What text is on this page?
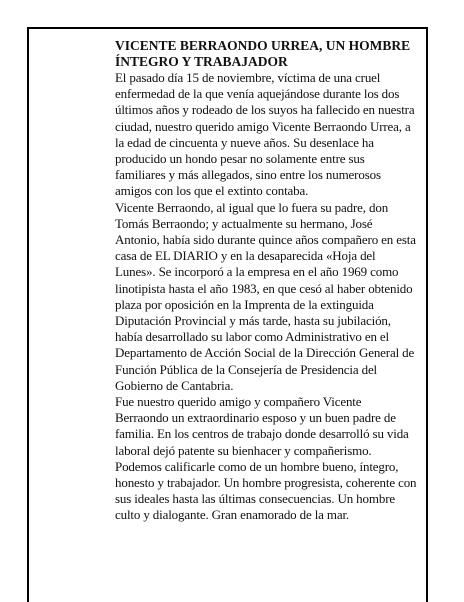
VICENTE BERRAONDO URREA, UN HOMBRE ÍNTEGRO Y TRABAJADOR

El pasado día 15 de noviembre, víctima de una cruel enfermedad de la que venía aquejándose durante los dos últimos años y rodeado de los suyos ha fallecido en nuestra ciudad, nuestro querido amigo Vicente Berraondo Urrea, a la edad de cincuenta y nueve años. Su desenlace ha producido un hondo pesar no solamente entre sus familiares y más allegados, sino entre los numerosos amigos con los que el extinto contaba.

Vicente Berraondo, al igual que lo fuera su padre, don Tomás Berraondo; y actualmente su hermano, José Antonio, había sido durante quince años compañero en esta casa de EL DIARIO y en la desaparecida «Hoja del Lunes». Se incorporó a la empresa en el año 1969 como linotipista hasta el año 1983, en que cesó al haber obtenido plaza por oposición en la Imprenta de la extinguida Diputación Provincial y más tarde, hasta su jubilación, había desarrollado su labor como Administrativo en el Departamento de Acción Social de la Dirección General de Función Pública de la Consejería de Presidencia del Gobierno de Cantabria.

Fue nuestro querido amigo y compañero Vicente Berraondo un extraordinario esposo y un buen padre de familia. En los centros de trabajo donde desarrolló su vida laboral dejó patente su bienhacer y compañerismo. Podemos calificarle como de un hombre bueno, íntegro, honesto y trabajador. Un hombre progresista, coherente con sus ideales hasta las últimas consecuencias. Un hombre culto y dialogante. Gran enamorado de la mar.
